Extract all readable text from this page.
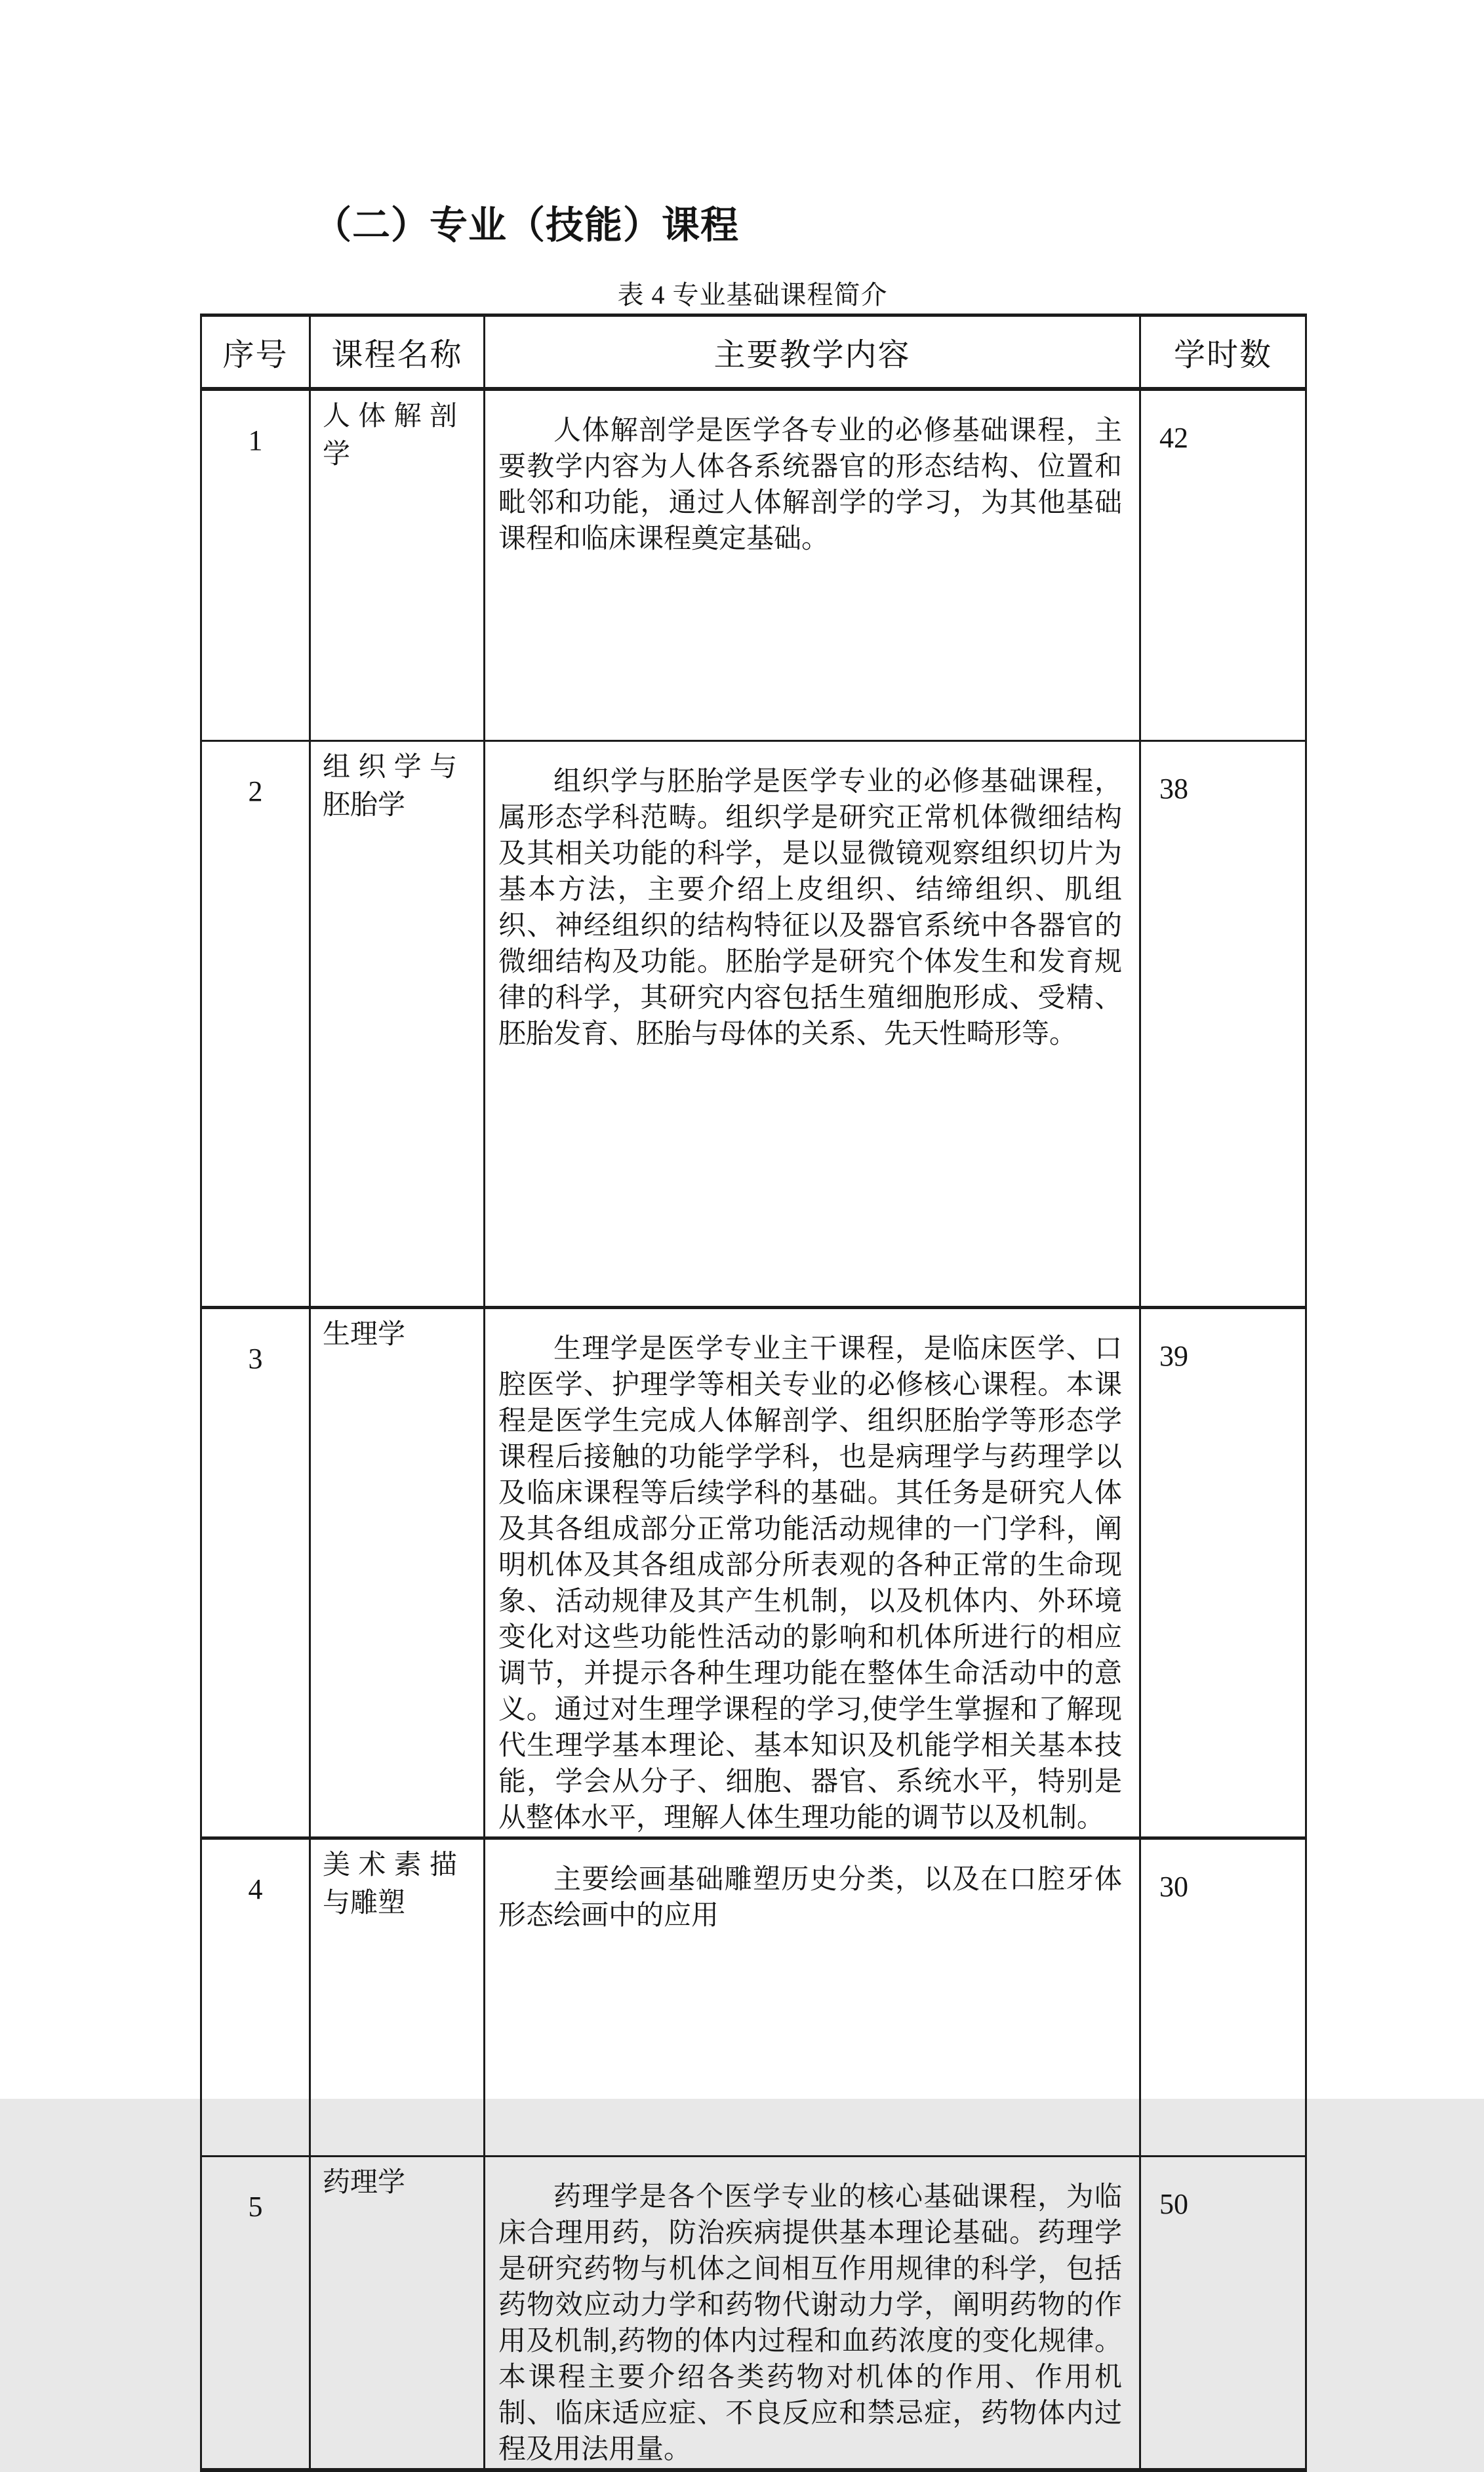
（二）专业（技能）课程
表 4 专业基础课程简介
序号	课程名称	主要教学内容	学时数
1	人体解剖学	人体解剖学是医学各专业的必修基础课程，主要教学内容为人体各系统器官的形态结构、位置和毗邻和功能，通过人体解剖学的学习，为其他基础课程和临床课程奠定基础。	42
2	组织学与胚胎学	组织学与胚胎学是医学专业的必修基础课程，属形态学科范畴。组织学是研究正常机体微细结构及其相关功能的科学，是以显微镜观察组织切片为基本方法，主要介绍上皮组织、结缔组织、肌组织、神经组织的结构特征以及器官系统中各器官的微细结构及功能。胚胎学是研究个体发生和发育规律的科学，其研究内容包括生殖细胞形成、受精、胚胎发育、胚胎与母体的关系、先天性畸形等。	38
3	生理学	生理学是医学专业主干课程，是临床医学、口腔医学、护理学等相关专业的必修核心课程。本课程是医学生完成人体解剖学、组织胚胎学等形态学课程后接触的功能学学科，也是病理学与药理学以及临床课程等后续学科的基础。其任务是研究人体及其各组成部分正常功能活动规律的一门学科，阐明机体及其各组成部分所表观的各种正常的生命现象、活动规律及其产生机制，以及机体内、外环境变化对这些功能性活动的影响和机体所进行的相应调节，并提示各种生理功能在整体生命活动中的意义。通过对生理学课程的学习,使学生掌握和了解现代生理学基本理论、基本知识及机能学相关基本技能，学会从分子、细胞、器官、系统水平，特别是从整体水平，理解人体生理功能的调节以及机制。	39
4	美术素描与雕塑	主要绘画基础雕塑历史分类，以及在口腔牙体形态绘画中的应用	30
5	药理学	药理学是各个医学专业的核心基础课程，为临床合理用药，防治疾病提供基本理论基础。药理学是研究药物与机体之间相互作用规律的科学，包括药物效应动力学和药物代谢动力学，阐明药物的作用及机制,药物的体内过程和血药浓度的变化规律。本课程主要介绍各类药物对机体的作用、作用机制、临床适应症、不良反应和禁忌症，药物体内过程及用法用量。	50
